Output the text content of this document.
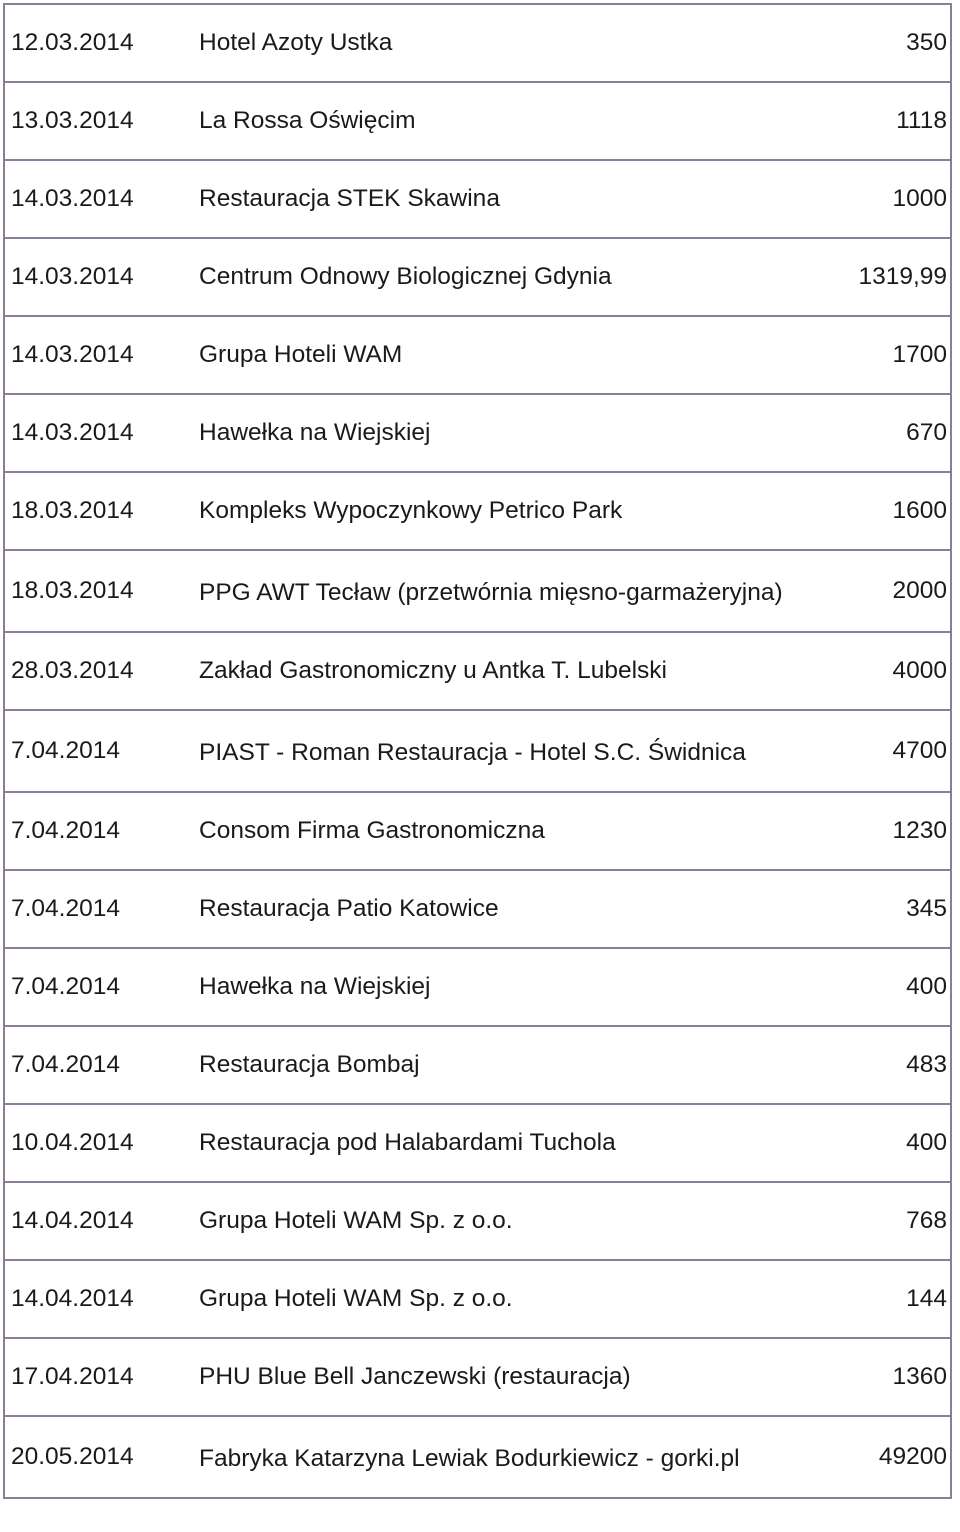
12.03.2014	Hotel Azoty Ustka	350
13.03.2014	La Rossa Oświęcim	1118
14.03.2014	Restauracja STEK Skawina	1000
14.03.2014	Centrum Odnowy Biologicznej Gdynia	1319,99
14.03.2014	Grupa Hoteli WAM	1700
14.03.2014	Hawełka na Wiejskiej	670
18.03.2014	Kompleks Wypoczynkowy Petrico Park	1600
18.03.2014	PPG AWT Tecław (przetwórnia mięsno-garmażeryjna)	2000
28.03.2014	Zakład Gastronomiczny u Antka T. Lubelski	4000
7.04.2014	PIAST - Roman Restauracja - Hotel S.C. Świdnica	4700
7.04.2014	Consom Firma Gastronomiczna	1230
7.04.2014	Restauracja Patio Katowice	345
7.04.2014	Hawełka na Wiejskiej	400
7.04.2014	Restauracja Bombaj	483
10.04.2014	Restauracja pod Halabardami Tuchola	400
14.04.2014	Grupa Hoteli WAM Sp. z o.o.	768
14.04.2014	Grupa Hoteli WAM Sp. z o.o.	144
17.04.2014	PHU Blue Bell Janczewski (restauracja)	1360
20.05.2014	Fabryka Katarzyna Lewiak Bodurkiewicz - gorki.pl	49200
